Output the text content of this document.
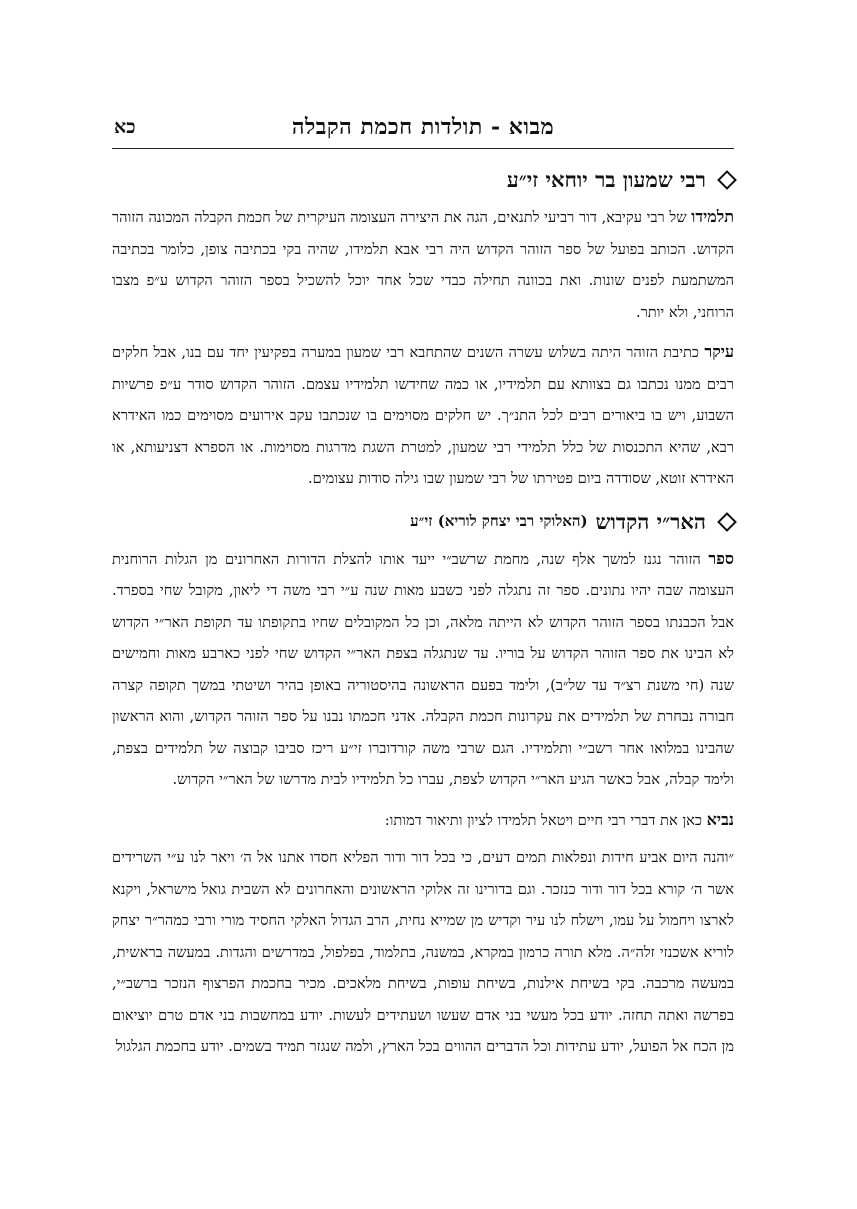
מבוא - תולדות חכמת הקבלה
כא
רבי שמעון בר יוחאי זי״ע

תלמידו של רבי עקיבא, דור רביעי לתנאים, הגה את היצירה העצומה העיקרית של חכמת הקבלה המכונה הזוהר הקדוש. הכותב בפועל של ספר הזוהר הקדוש היה רבי אבא תלמידו, שהיה בקי בכתיבה צופן, כלומר בכתיבה המשתמעת לפנים שונות. ואת בכוונה תחילה כבדי שכל אחד יוכל להשכיל בספר הזוהר הקדוש ע״פ מצבו הרוחני, ולא יותר.

עיקר כתיבת הזוהר היתה בשלוש עשרה השנים שהתחבא רבי שמעון במערה בפקיעין יחד עם בנו, אבל חלקים רבים ממנו נכתבו גם בצוותא עם תלמידיו, או כמה שחידשו תלמידיו עצמם. הזוהר הקדוש סודר ע״פ פרשיות השבוע, ויש בו ביאורים רבים לכל התנ״ך. יש חלקים מסוימים בו שנכתבו עקב אירועים מסוימים כמו האידרא רבא, שהיא התכנסות של כלל תלמידי רבי שמעון, למטרת השגת מדרגות מסוימות. או הספרא דצניעותא, או האידרא זוטא, שסודדה ביום פטירתו של רבי שמעון שבו גילה סודות עצומים.

האר״י הקדוש
(האלוקי רבי יצחק לוריא) זי״ע

ספר הזוהר נגנז למשך אלף שנה, מחמת שרשב״י ייעד אותו להצלת הדורות האחרונים מן הגלות הרוחנית העצומה שבה יהיו נתונים. ספר זה נתגלה לפני כשבע מאות שנה ע״י רבי משה די ליאון, מקובל שחי בספרד. אבל הכבנתו בספר הזוהר הקדוש לא הייתה מלאה, וכן כל המקובלים שחיו בתקופתו עד תקופת האר״י הקדוש לא הבינו את ספר הזוהר הקדוש על בוריו. עד שנתגלה בצפת האר״י הקדוש שחי לפני כארבע מאות וחמישים שנה (חי משנת רצ״ד עד של״ב), ולימד בפעם הראשונה בהיסטוריה באופן בהיר ושיטתי במשך תקופה קצרה חבורה נבחרת של תלמידים את עקרונות חכמת הקבלה. אדני חכמתו נבנו על ספר הזוהר הקדוש, והוא הראשון שהבינו במלואו אחר רשב״י ותלמידיו. הגם שרבי משה קורדוברו זי״ע ריכז סביבו קבוצה של תלמידים בצפת, ולימד קבלה, אבל כאשר הגיע האר״י הקדוש לצפת, עברו כל תלמידיו לבית מדרשו של האר״י הקדוש.

נביא כאן את דברי רבי חיים ויטאל תלמידו לציון ותיאור דמותו:

״והנה היום אביע חידות ונפלאות תמים דעים, כי בכל דור ודור הפליא חסדו אתנו אל ה׳ ויאר לנו ע״י השרידים אשר ה׳ קורא בכל דור ודור כנזכר. וגם בדורינו זה אלוקי הראשונים והאחרונים לא השבית גואל מישראל, ויקנא לארצו ויחמול על עמו, וישלח לנו עיר וקדיש מן שמייא נחית, הרב הגדול האלקי החסיד מורי ורבי כמהר״ר יצחק לוריא אשכנזי זלה״ה. מלא תורה כרמון במקרא, במשנה, בתלמוד, בפלפול, במדרשים והגדות. במעשה בראשית, במעשה מרכבה. בקי בשיחת אילנות, בשיחת עופות, בשיחת מלאכים. מכיר בחכמת הפרצוף הנזכר ברשב״י, בפרשה ואתה תחזה. יודע בכל מעשי בני אדם שעשו ושעתידים לעשות. יודע במחשבות בני אדם טרם יוציאום מן הכח אל הפועל, יודע עתידות וכל הדברים ההווים בכל הארץ, ולמה שנגזר תמיד בשמים. יודע בחכמת הגלגול
